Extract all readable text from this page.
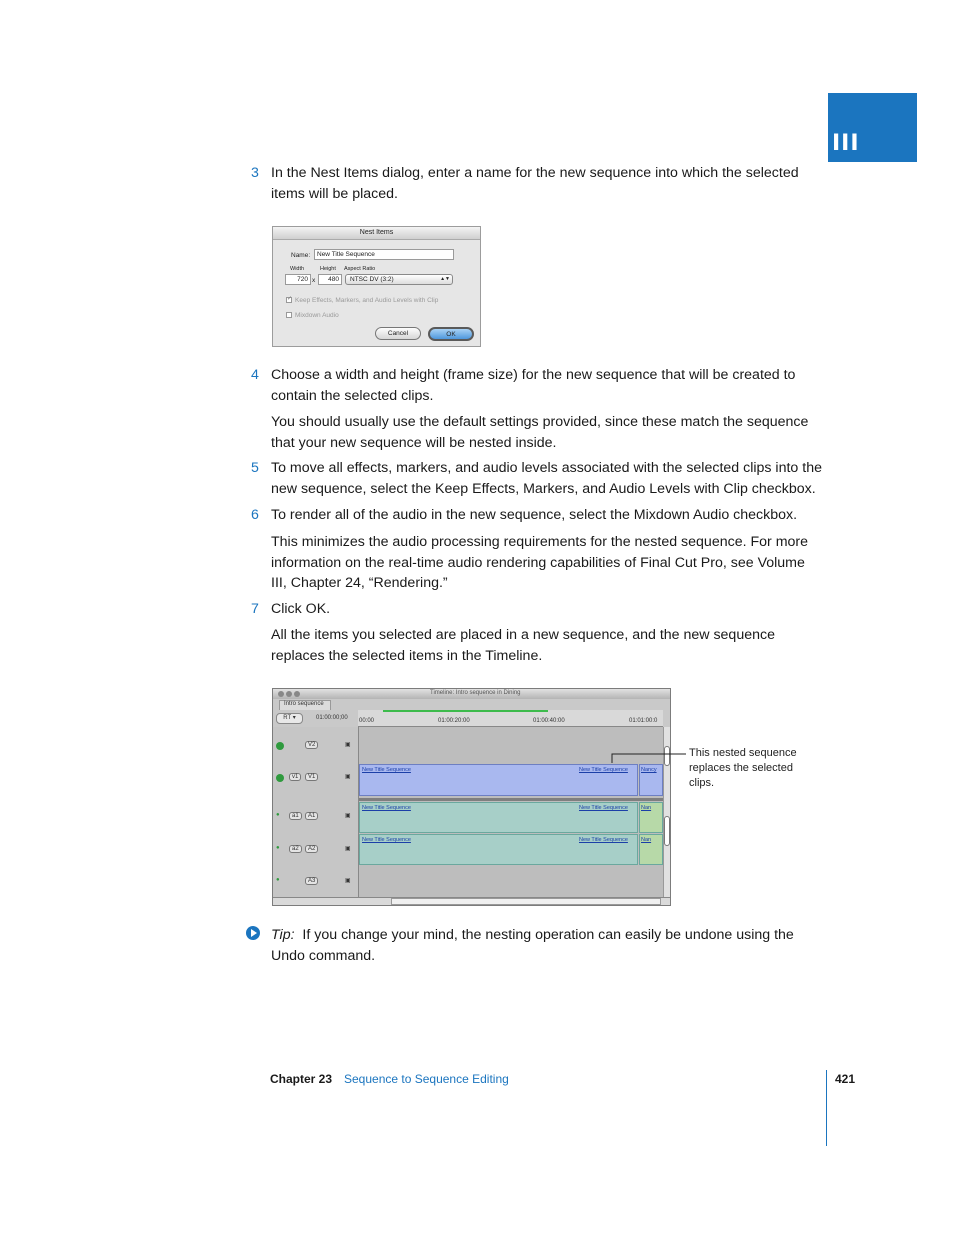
III
3 In the Nest Items dialog, enter a name for the new sequence into which the selected items will be placed.

Nest Items
Name:	New Title Sequence
Width	Height Aspect Ratio
720 x	480	NTSC DV (3:2)	▲▼
✓ Keep Effects, Markers, and Audio Levels with Clip
Mixdown Audio
Cancel	OK
4 Choose a width and height (frame size) for the new sequence that will be created to contain the selected clips.

You should usually use the default settings provided, since these match the sequence that your new sequence will be nested inside.

5 To move all effects, markers, and audio levels associated with the selected clips into the new sequence, select the Keep Effects, Markers, and Audio Levels with Clip checkbox.

6 To render all of the audio in the new sequence, select the Mixdown Audio checkbox.

This minimizes the audio processing requirements for the nested sequence. For more information on the real-time audio rendering capabilities of Final Cut Pro, see Volume III, Chapter 24, “Rendering.”

7 Click OK.

All the items you selected are placed in a new sequence, and the new sequence replaces the selected items in the Timeline.

Timeline: Intro sequence in Dining
Intro sequence
RT ▾	01:00:00;00 00:00	01:00:20:00	01:00:40:00	01:01:00:0
V2	▣
v1	V1	▣
●	a1	A1	▣
●	a2	A2	▣
●	A3	▣
New Title Sequence	New Title Sequence Nancy
New Title Sequence	New Title Sequence Nan
New Title Sequence	New Title Sequence Nan
This nested sequence replaces the selected clips.

Tip: If you change your mind, the nesting operation can easily be undone using the Undo command.

Chapter 23 Sequence to Sequence Editing	421
